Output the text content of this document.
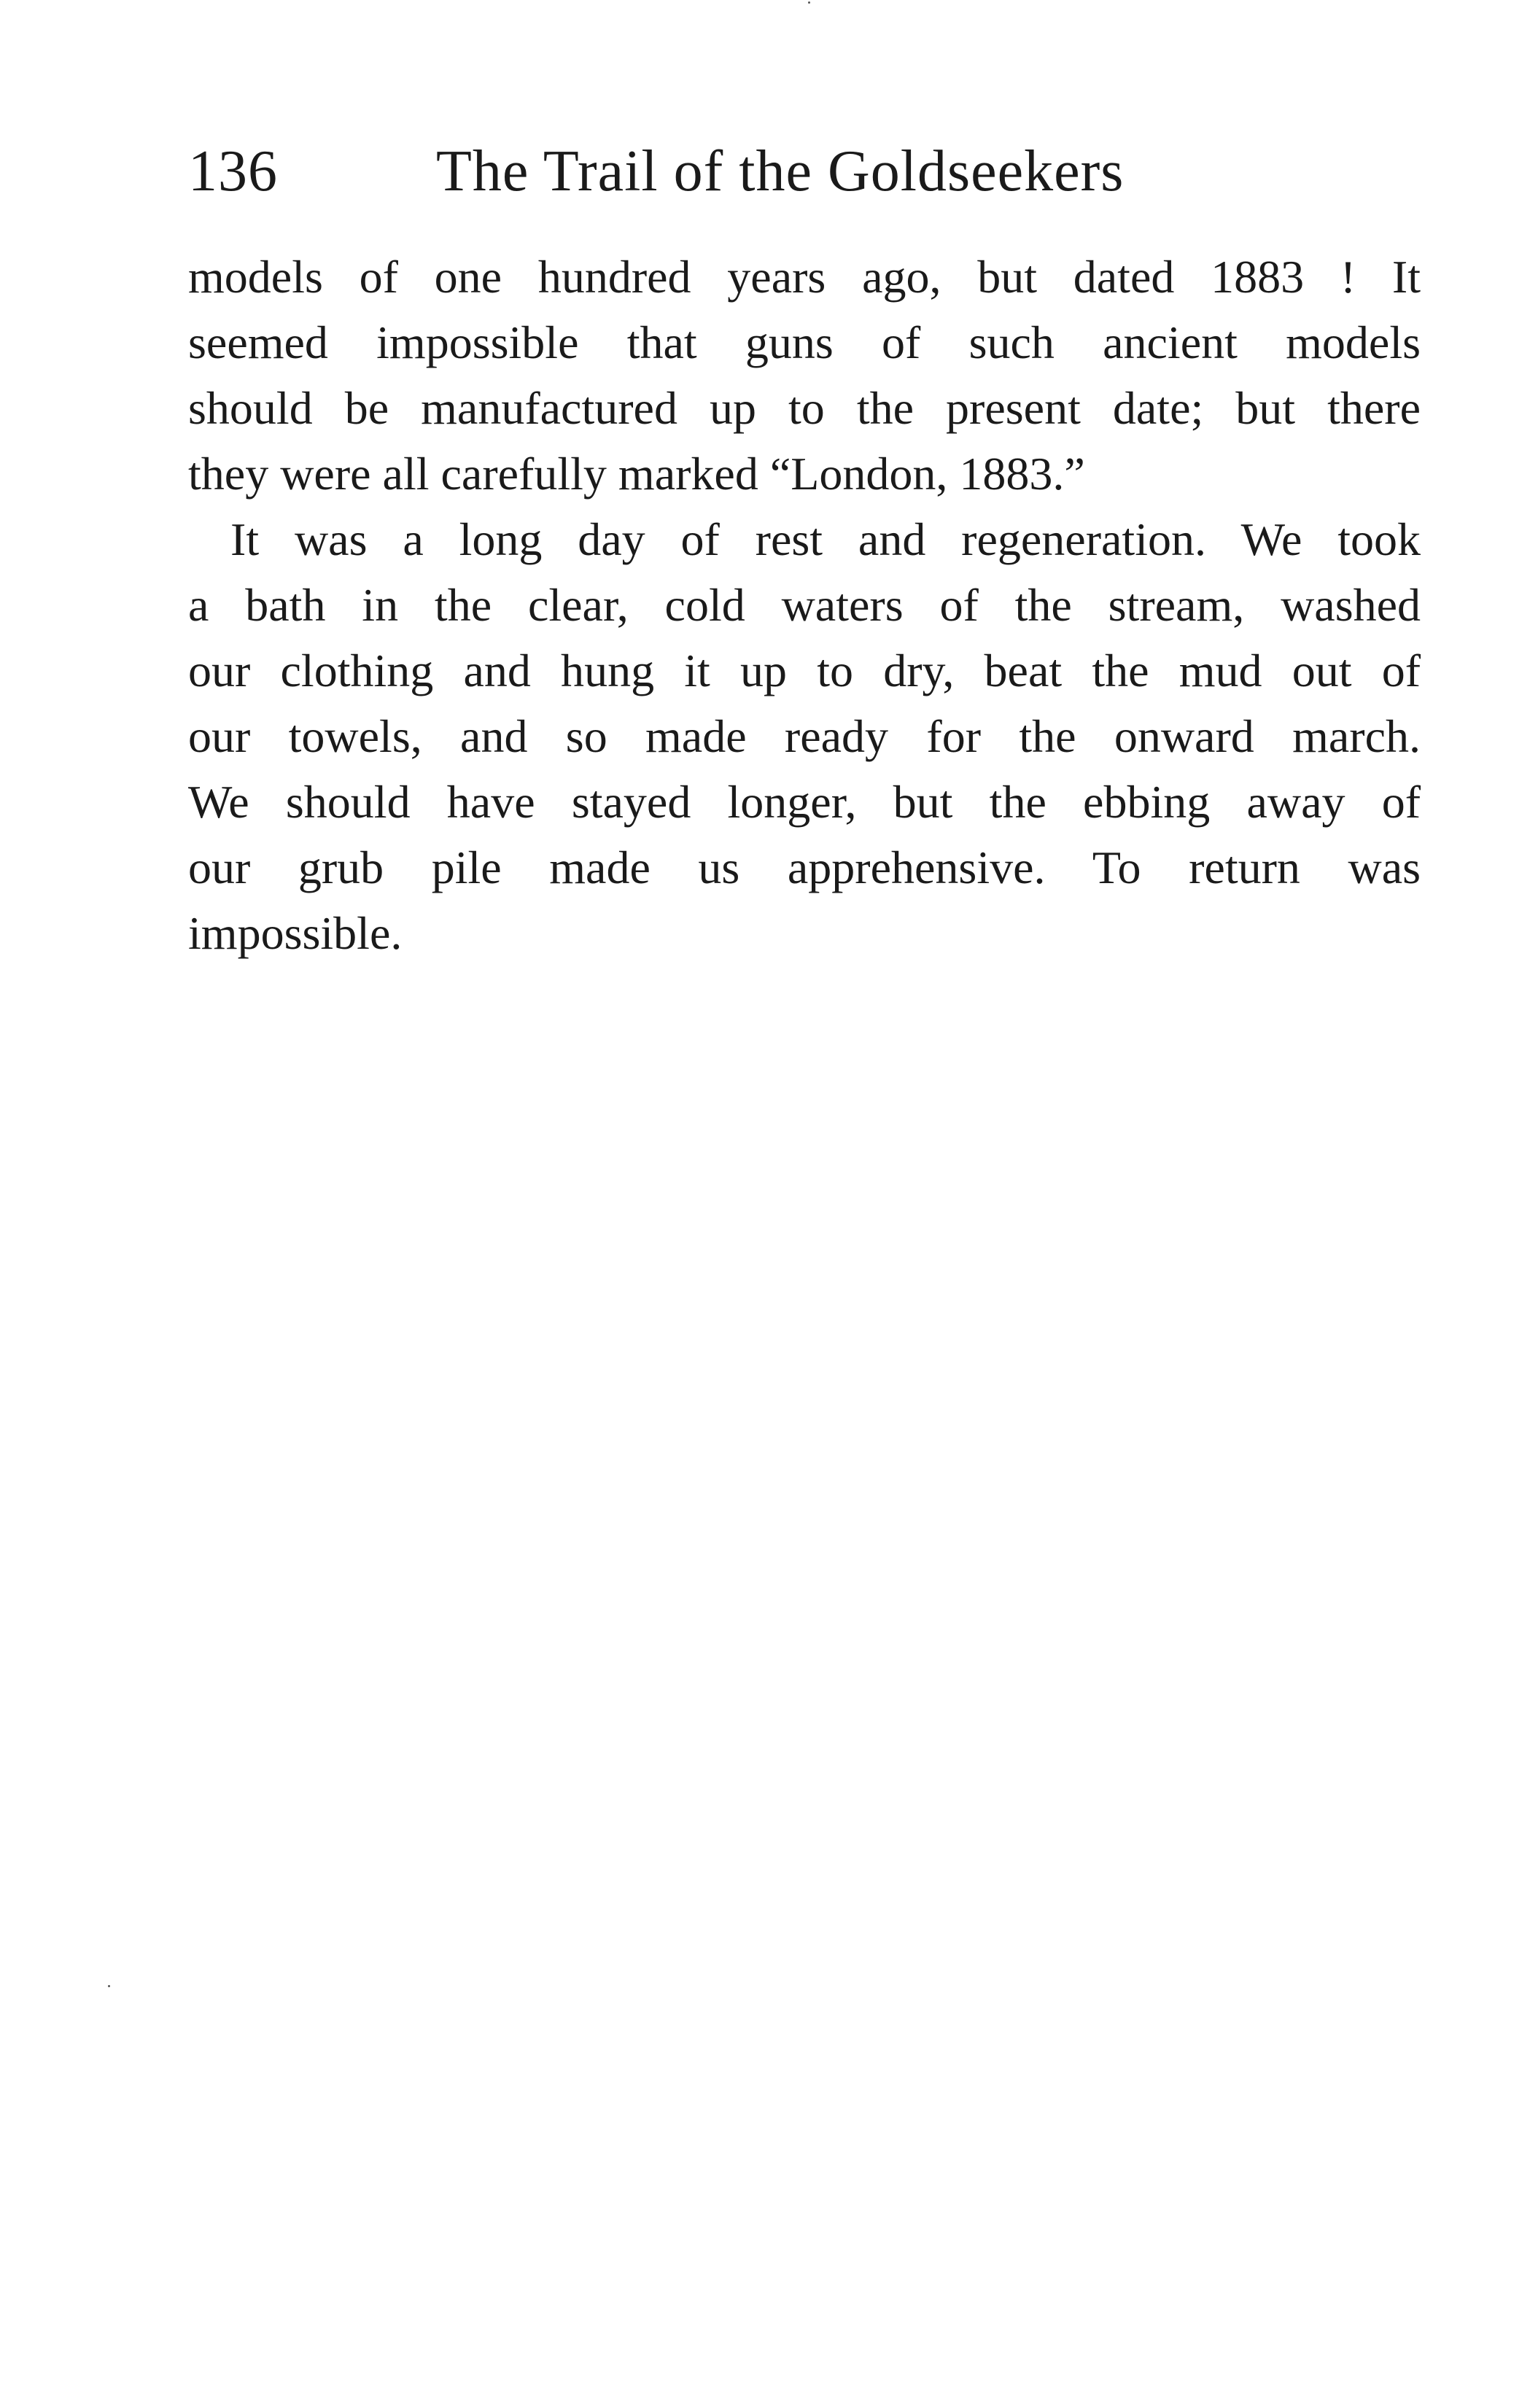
136	The Trail of the Goldseekers
models of one hundred years ago, but dated 1883 ! It
seemed impossible that guns of such ancient models
should be manufactured up to the present date; but there
they were all carefully marked “London, 1883.”
It was a long day of rest and regeneration. We took
a bath in the clear, cold waters of the stream, washed
our clothing and hung it up to dry, beat the mud out of
our towels, and so made ready for the onward march.
We should have stayed longer, but the ebbing away of
our grub pile made us apprehensive. To return was
impossible.
